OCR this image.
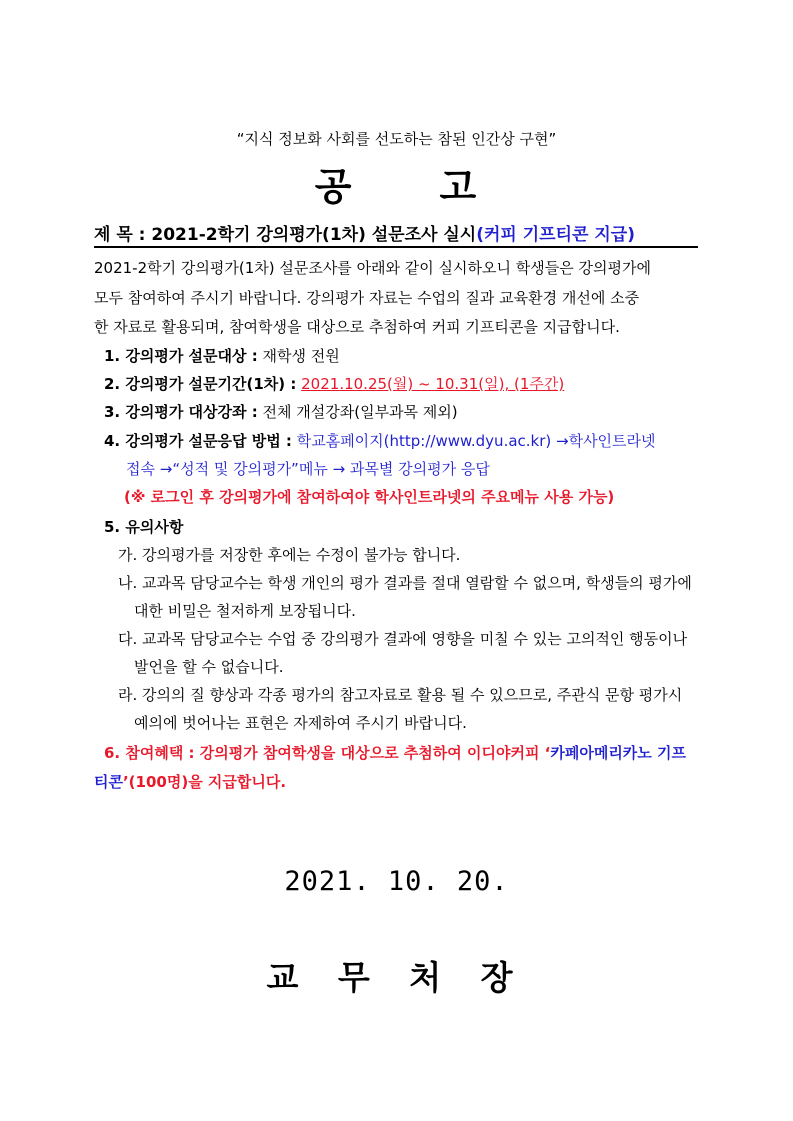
“지식 정보화 사회를 선도하는 참된 인간상 구현”
공 고
제 목 : 2021-2학기 강의평가(1차) 설문조사 실시(커피 기프티콘 지급)
2021-2학기 강의평가(1차) 설문조사를 아래와 같이 실시하오니 학생들은 강의평가에
모두 참여하여 주시기 바랍니다. 강의평가 자료는 수업의 질과 교육환경 개선에 소중
한 자료로 활용되며, 참여학생을 대상으로 추첨하여 커피 기프티콘을 지급합니다.
1. 강의평가 설문대상 : 재학생 전원
2. 강의평가 설문기간(1차) : 2021.10.25(월) ~ 10.31(일), (1주간)
3. 강의평가 대상강좌 : 전체 개설강좌(일부과목 제외)
4. 강의평가 설문응답 방법 : 학교홈페이지(http://www.dyu.ac.kr) →학사인트라넷
접속 →“성적 및 강의평가”메뉴 → 과목별 강의평가 응답
(※ 로그인 후 강의평가에 참여하여야 학사인트라넷의 주요메뉴 사용 가능)
5. 유의사항
가. 강의평가를 저장한 후에는 수정이 불가능 합니다.
나. 교과목 담당교수는 학생 개인의 평가 결과를 절대 열람할 수 없으며, 학생들의 평가에
대한 비밀은 철저하게 보장됩니다.
다. 교과목 담당교수는 수업 중 강의평가 결과에 영향을 미칠 수 있는 고의적인 행동이나
발언을 할 수 없습니다.
라. 강의의 질 향상과 각종 평가의 참고자료로 활용 될 수 있으므로, 주관식 문항 평가시
예의에 벗어나는 표현은 자제하여 주시기 바랍니다.
6. 참여혜택 : 강의평가 참여학생을 대상으로 추첨하여 이디야커피 ‘카페아메리카노 기프
티콘’(100명)을 지급합니다.
2021. 10. 20.
교 무 처 장
